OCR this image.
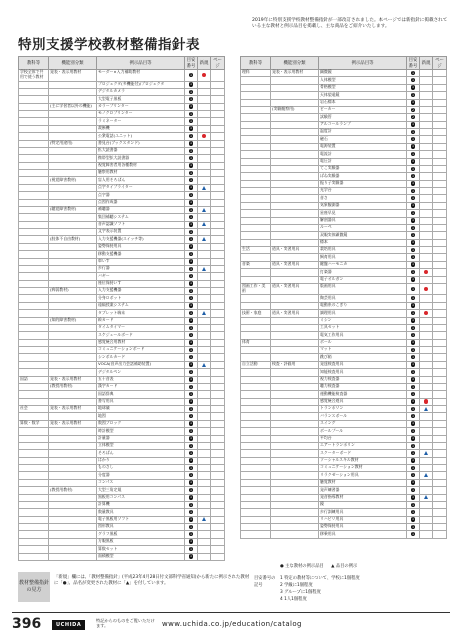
特別支援学校教材整備指針表
2019年に特別支援学校教材整備指針が一部改訂されました。本ページでは新指針に掲載されている主な教材と例示品目を掲載し、主な商品をご紹介いたします。
教科等	機能別分類	例示品目等	目安番号	新規	ページ
学校全体で共用で使う教材	発表・表示用教材	モーダー×入力補助教材	1		
		プロジェクタ(多機能付)/プロジェクタ	1		
		デジタルカメラ	1		
		大型電子黒板	1		
	(主に学習者以外の機能)	カラープリンター	1		
		モノクロプリンター	1		
		ラミネーター	1		
		裁断機	1		
		公衆電話(ユニット)	1		
	(特定用途用)	書見台(ブックスタンド)	1		
		拡大読書器	1		
		携帯型拡大読書器	1		
		視覚障害者用各種教材	1		
		触察用教材	1		
	(視覚障害教材)	盲人用そろばん	1		
		点字タイプライター	1		
		点字器	1		
		点図作成器	1		
	(聴覚障害教材)	補聴器	1		
		集団補聴システム	1		
		音声認識ソフト	1		
		文字表示装置	1		
	(肢体不自由教材)	入力支援機器(スイッチ等)	1		
		姿勢保持用具	1		
		移動支援機器	1		
		車いす	1		
		歩行器	1		
		バギー	1		
		座位保持いす	1		
	(病弱教材)	入力支援機器	1		
		分身ロボット	1		
		遠隔授業システム	1		
		タブレット端末	1		
	(知的障害教材)	絵カード	1		
		タイムタイマー	1		
		スケジュールボード	1		
		感覚統合用教材	1		
		コミュニケーションボード	1		
		シンボルカード	1		
		VOCA(音声出力会話補助装置)	1		
		デジタルペン	1		
国語	発表・表示用教材	五十音表	1		
	(教授用教材)	漢字カード	1		
		国語辞典	1		
		書写用具	1		
社会	発表・表示用教材	地球儀	1		
		地図	1		
算数・数学	発表・表示用教材	数図ブロック	1		
		時計模型	1		
		計量器	1		
		立体模型	1		
		そろばん	1		
		はかり	1		
		ものさし	1		
		分度器	1		
		コンパス	1		
	(教授用教材)	大型三角定規	1		
		黒板用コンパス	1		
		計算機	1		
		数量教具	1		
		電子黒板用ソフト	1		
		図形教具	1		
		グラフ黒板	1		
		方眼黒板	1		
		算数セット	1		
		面積模型	1		
教科等	機能別分類	例示品目等	目安番号	新規	ページ
理科	発表・表示用教材	顕微鏡	1		
		人体模型	1		
		骨格模型	1		
		天体望遠鏡	1		
		岩石標本	1		
	(実験観察用)	ビーカー	2		
		試験管	2		
		アルコールランプ	1		
		温度計	1		
		磁石	1		
		電源装置	1		
		電流計	1		
		電圧計	1		
		てこ実験器	1		
		ばね実験器	1		
		振り子実験器	1		
		光学台	1		
		音さ	1		
		気象観測器	1		
		星座早見	1		
		解剖器具	1		
		ルーペ	1		
		双眼実体顕微鏡	1		
		標本	1		
生活	道具・実習用具	栽培用具	1		
		飼育用具	1		
音楽	道具・実習用具	鍵盤ハーモニカ	1		
		打楽器	1		
		電子オルガン	1		
図画工作・美術	道具・実習用具	版画用具	1		
		陶芸用具	1		
		電動糸のこぎり	1		
技術・家庭	道具・実習用具	調理用具	1		
		ミシン	1		
		工具セット	1		
		電気工作用具	1		
体育		ボール	1		
		マット	1		
		跳び箱	1		
自立活動	検査・評価用	発達検査用具	1		
		知能検査用具	1		
		視力検査器	1		
		聴力検査器	1		
		運動機能検査器	1		
		感覚統合遊具	1		
		トランポリン	1		
		バランスボール	1		
		スイング	1		
		ボールプール	1		
		平均台	1		
		エアートランポリン	1		
		スクーターボード	1		
		ソーシャルスキル教材	1		
		コミュニケーション教材	1		
		リラクゼーション用具	1		
		触覚教材	1		
		発声練習器	1		
		発音指導教材	1		
		鏡	1		
		歩行訓練用具	1		
		リハビリ用具	1		
		姿勢保持用具	1		
		移乗用具	1		
教材整備指針の見方
「新規」欄には、「教材整備指針」(平成23年4月28日付文部科学省通知)から新たに例示された教材に「●」、品名が変更された教材に「▲」を付しています。
目安番号の記号
1 特定の教材等について、学校に1個程度
2 学級に1個程度
3 グループに1個程度
4 1人1個程度
● 主な教材の例示品目 ▲ 品目の例示
396	UCHIDA
特記からのものをご覧いただけます。	www.uchida.co.jp/education/catalog
